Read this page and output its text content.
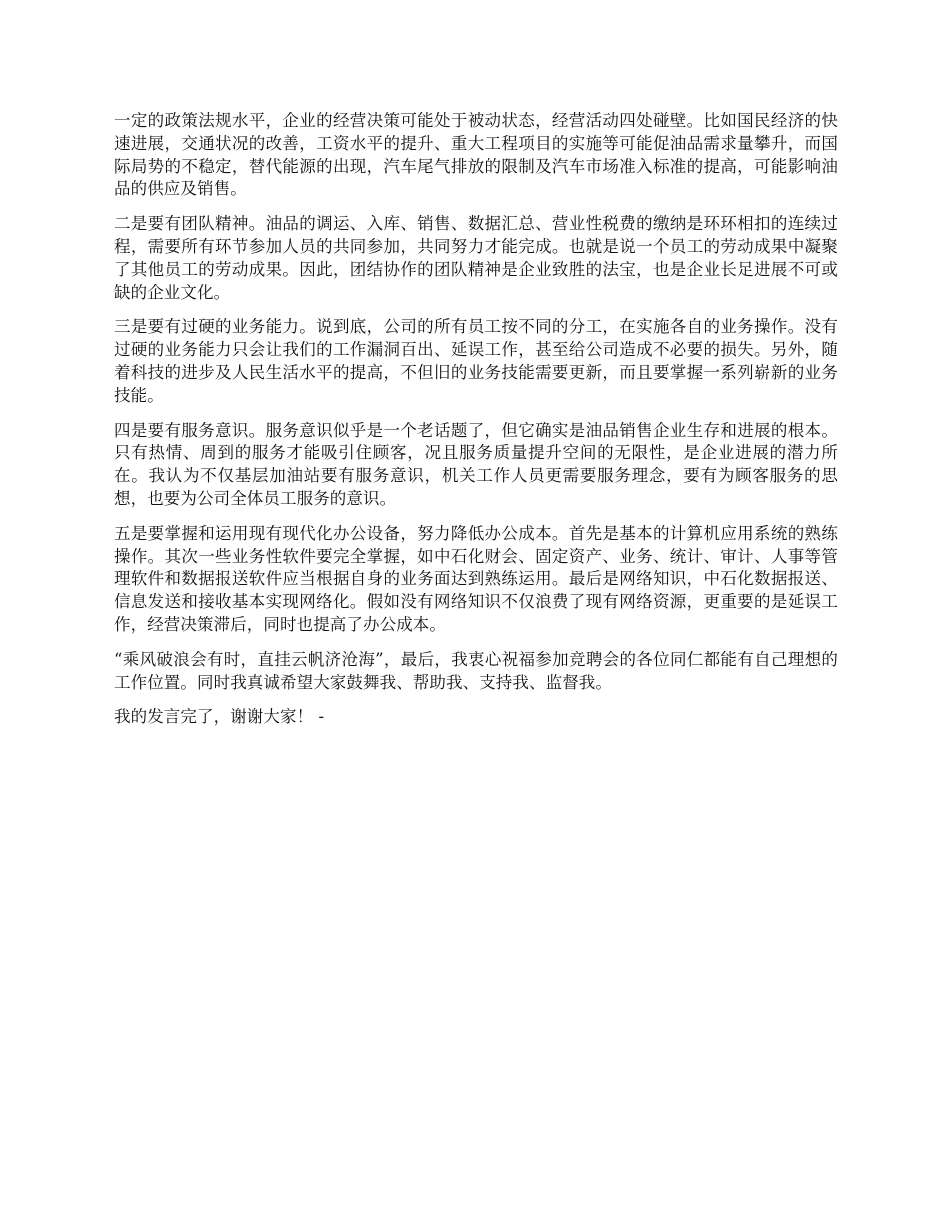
一定的政策法规水平，企业的经营决策可能处于被动状态，经营活动四处碰壁。比如国民经济的快速进展，交通状况的改善，工资水平的提升、重大工程项目的实施等可能促油品需求量攀升，而国际局势的不稳定，替代能源的出现，汽车尾气排放的限制及汽车市场准入标准的提高，可能影响油品的供应及销售。

二是要有团队精神。油品的调运、入库、销售、数据汇总、营业性税费的缴纳是环环相扣的连续过程，需要所有环节参加人员的共同参加，共同努力才能完成。也就是说一个员工的劳动成果中凝聚了其他员工的劳动成果。因此，团结协作的团队精神是企业致胜的法宝，也是企业长足进展不可或缺的企业文化。

三是要有过硬的业务能力。说到底，公司的所有员工按不同的分工，在实施各自的业务操作。没有过硬的业务能力只会让我们的工作漏洞百出、延误工作，甚至给公司造成不必要的损失。另外，随着科技的进步及人民生活水平的提高，不但旧的业务技能需要更新，而且要掌握一系列崭新的业务技能。

四是要有服务意识。服务意识似乎是一个老话题了，但它确实是油品销售企业生存和进展的根本。只有热情、周到的服务才能吸引住顾客，况且服务质量提升空间的无限性，是企业进展的潜力所在。我认为不仅基层加油站要有服务意识，机关工作人员更需要服务理念，要有为顾客服务的思想，也要为公司全体员工服务的意识。

五是要掌握和运用现有现代化办公设备，努力降低办公成本。首先是基本的计算机应用系统的熟练操作。其次一些业务性软件要完全掌握，如中石化财会、固定资产、业务、统计、审计、人事等管理软件和数据报送软件应当根据自身的业务面达到熟练运用。最后是网络知识，中石化数据报送、信息发送和接收基本实现网络化。假如没有网络知识不仅浪费了现有网络资源，更重要的是延误工作，经营决策滞后，同时也提高了办公成本。

“乘风破浪会有时，直挂云帆济沧海”，最后，我衷心祝福参加竞聘会的各位同仁都能有自己理想的工作位置。同时我真诚希望大家鼓舞我、帮助我、支持我、监督我。

我的发言完了，谢谢大家！ -
